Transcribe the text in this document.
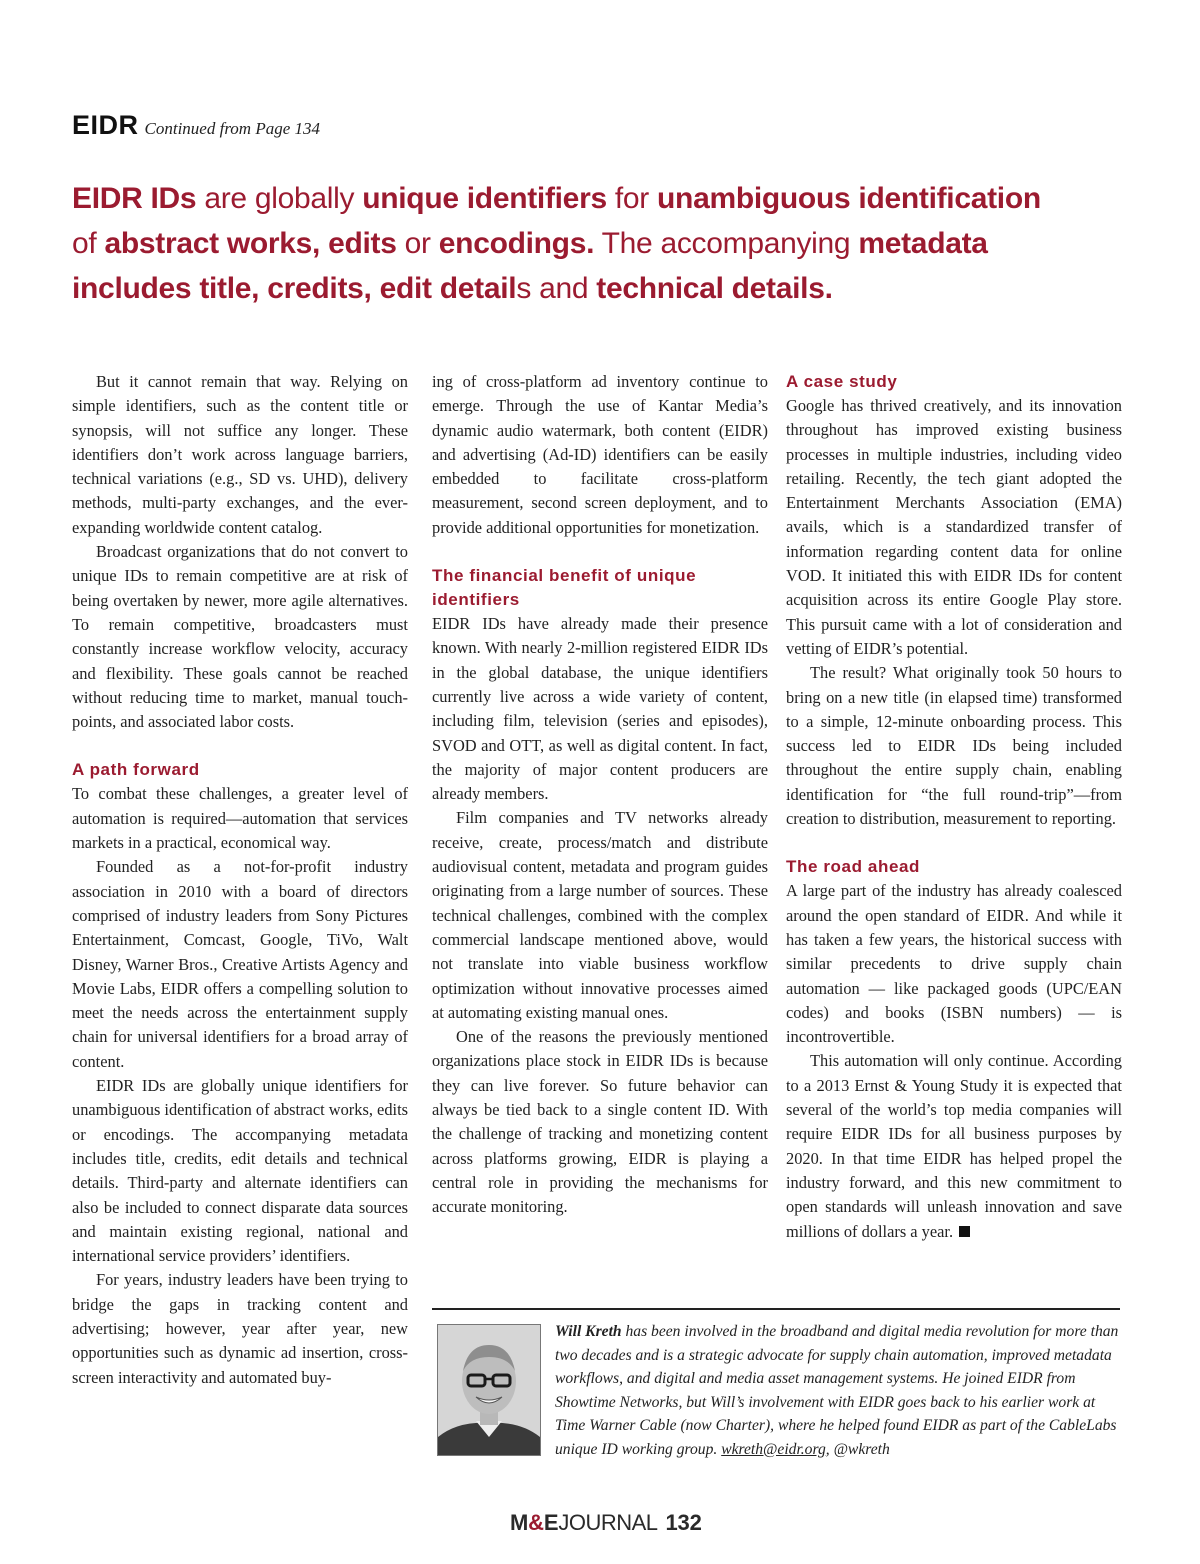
EIDR Continued from Page 134
EIDR IDs are globally unique identifiers for unambiguous identification
of abstract works, edits or encodings. The accompanying metadata
includes title, credits, edit details and technical details.

But it cannot remain that way. Relying on simple identifiers, such as the content title or synopsis, will not suffice any longer. These identifiers don’t work across language barriers, technical variations (e.g., SD vs. UHD), delivery methods, multi-party exchanges, and the ever-expanding worldwide content catalog.

Broadcast organizations that do not convert to unique IDs to remain competitive are at risk of being overtaken by newer, more agile alternatives. To remain competitive, broadcasters must constantly increase workflow velocity, accuracy and flexibility. These goals cannot be reached without reducing time to market, manual touch-points, and associated labor costs.

A path forward

To combat these challenges, a greater level of automation is required—automation that services markets in a practical, economical way.

Founded as a not-for-profit industry association in 2010 with a board of directors comprised of industry leaders from Sony Pictures Entertainment, Comcast, Google, TiVo, Walt Disney, Warner Bros., Creative Artists Agency and Movie Labs, EIDR offers a compelling solution to meet the needs across the entertainment supply chain for universal identifiers for a broad array of content.

EIDR IDs are globally unique identifiers for unambiguous identification of abstract works, edits or encodings. The accompanying metadata includes title, credits, edit details and technical details. Third-party and alternate identifiers can also be included to connect disparate data sources and maintain existing regional, national and international service providers’ identifiers.

For years, industry leaders have been trying to bridge the gaps in tracking content and advertising; however, year after year, new opportunities such as dynamic ad insertion, cross-screen interactivity and automated buy-

ing of cross-platform ad inventory continue to emerge. Through the use of Kantar Media’s dynamic audio watermark, both content (EIDR) and advertising (Ad-ID) identifiers can be easily embedded to facilitate cross-platform measurement, second screen deployment, and to provide additional opportunities for monetization.

The financial benefit of unique identifiers

EIDR IDs have already made their presence known. With nearly 2-million registered EIDR IDs in the global database, the unique identifiers currently live across a wide variety of content, including film, television (series and episodes), SVOD and OTT, as well as digital content. In fact, the majority of major content producers are already members.

Film companies and TV networks already receive, create, process/match and distribute audiovisual content, metadata and program guides originating from a large number of sources. These technical challenges, combined with the complex commercial landscape mentioned above, would not translate into viable business workflow optimization without innovative processes aimed at automating existing manual ones.

One of the reasons the previously mentioned organizations place stock in EIDR IDs is because they can live forever. So future behavior can always be tied back to a single content ID. With the challenge of tracking and monetizing content across platforms growing, EIDR is playing a central role in providing the mechanisms for accurate monitoring.

A case study

Google has thrived creatively, and its innovation throughout has improved existing business processes in multiple industries, including video retailing. Recently, the tech giant adopted the Entertainment Merchants Association (EMA) avails, which is a standardized transfer of information regarding content data for online VOD. It initiated this with EIDR IDs for content acquisition across its entire Google Play store. This pursuit came with a lot of consideration and vetting of EIDR’s potential.

The result? What originally took 50 hours to bring on a new title (in elapsed time) transformed to a simple, 12-minute onboarding process. This success led to EIDR IDs being included throughout the entire supply chain, enabling identification for “the full round-trip”—from creation to distribution, measurement to reporting.

The road ahead

A large part of the industry has already coalesced around the open standard of EIDR. And while it has taken a few years, the historical success with similar precedents to drive supply chain automation — like packaged goods (UPC/EAN codes) and books (ISBN numbers) — is incontrovertible.

This automation will only continue. According to a 2013 Ernst & Young Study it is expected that several of the world’s top media companies will require EIDR IDs for all business purposes by 2020. In that time EIDR has helped propel the industry forward, and this new commitment to open standards will unleash innovation and save millions of dollars a year.

Will Kreth has been involved in the broadband and digital media revolution for more than two decades and is a strategic advocate for supply chain automation, improved metadata workflows, and digital and media asset management systems. He joined EIDR from Showtime Networks, but Will’s involvement with EIDR goes back to his earlier work at Time Warner Cable (now Charter), where he helped found EIDR as part of the CableLabs unique ID working group. wkreth@eidr.org, @wkreth
M&EJOURNAL 132
